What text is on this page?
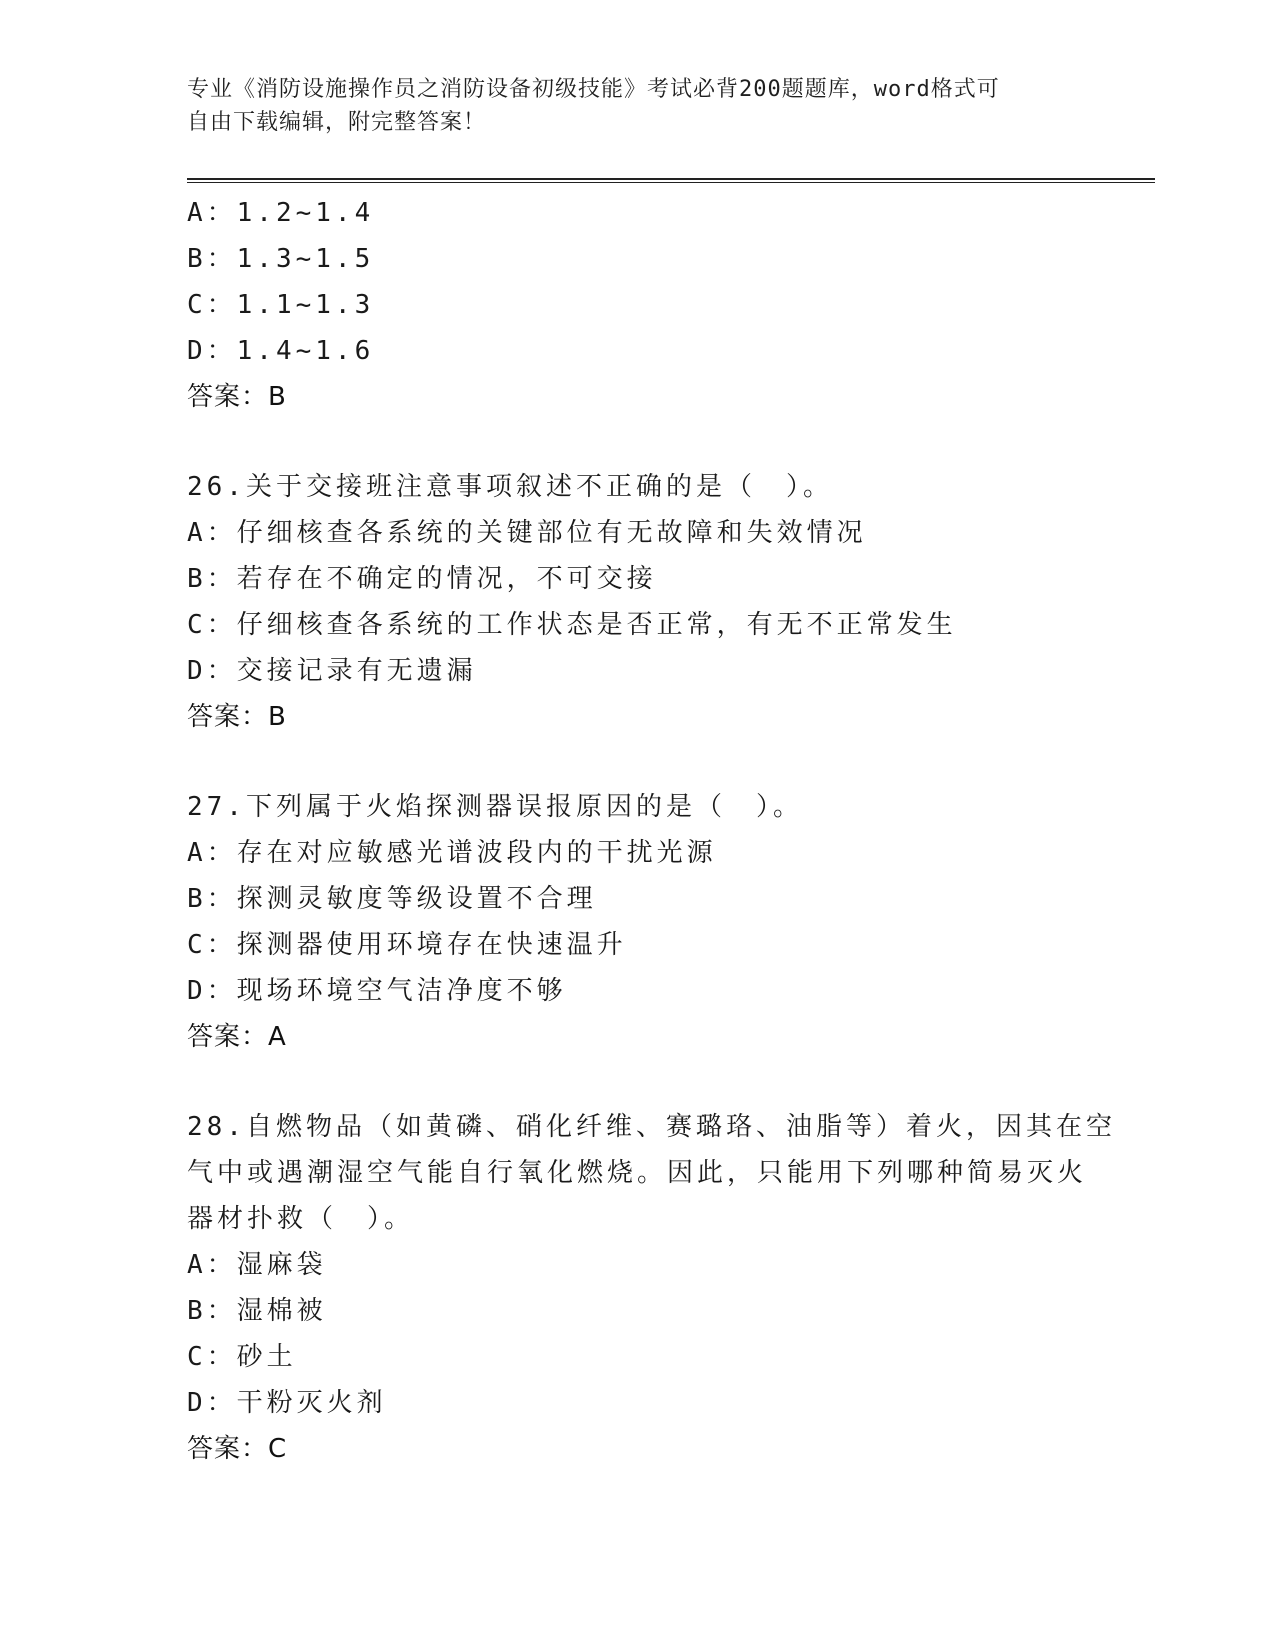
专业《消防设施操作员之消防设备初级技能》考试必背200题题库，word格式可
自由下载编辑，附完整答案！
A：1.2~1.4
B：1.3~1.5
C：1.1~1.3
D：1.4~1.6
答案：B
26.关于交接班注意事项叙述不正确的是（　）。
A：仔细核查各系统的关键部位有无故障和失效情况
B：若存在不确定的情况，不可交接
C：仔细核查各系统的工作状态是否正常，有无不正常发生
D：交接记录有无遗漏
答案：B
27.下列属于火焰探测器误报原因的是（　）。
A：存在对应敏感光谱波段内的干扰光源
B：探测灵敏度等级设置不合理
C：探测器使用环境存在快速温升
D：现场环境空气洁净度不够
答案：A
28.自燃物品（如黄磷、硝化纤维、赛璐珞、油脂等）着火，因其在空
气中或遇潮湿空气能自行氧化燃烧。因此，只能用下列哪种简易灭火
器材扑救（　）。
A：湿麻袋
B：湿棉被
C：砂土
D：干粉灭火剂
答案：C
